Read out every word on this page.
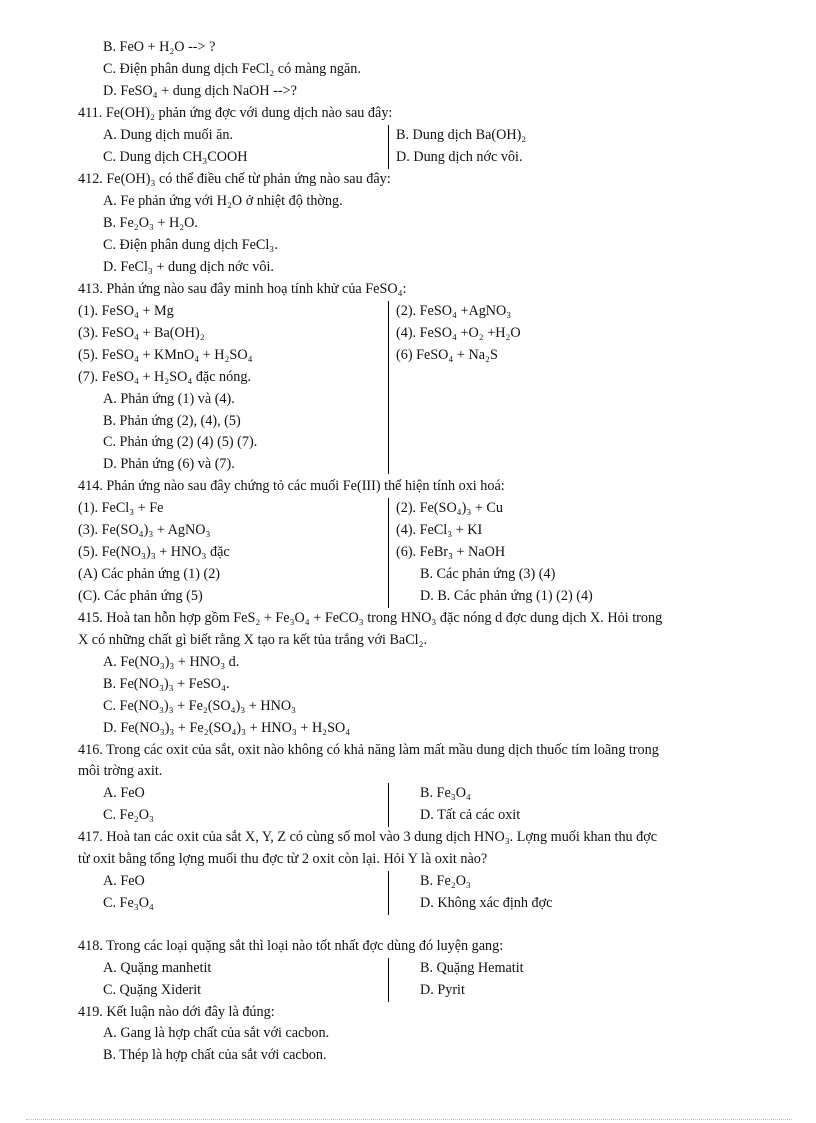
B. FeO + H₂O --> ?
C. Điện phân dung dịch FeCl₂ có màng ngăn.
D. FeSO₄ + dung dịch NaOH -->?
411. Fe(OH)₂ phản ứng đợc với dung dịch nào sau đây:
A. Dung dịch muối ăn.	B. Dung dịch Ba(OH)₂
C. Dung dịch CH₃COOH	D. Dung dịch nớc vôi.
412. Fe(OH)₃ có thể điều chế từ phản ứng nào sau đây:
A. Fe phản ứng với H₂O ở nhiệt độ thờng.
B. Fe₂O₃ + H₂O.
C. Điện phân dung dịch FeCl₃.
D. FeCl₃ + dung dịch nớc vôi.
413. Phản ứng nào sau đây minh hoạ tính khử của FeSO₄:
(1). FeSO₄ + Mg	(2). FeSO₄ +AgNO₃
(3). FeSO₄ + Ba(OH)₂	(4). FeSO₄ +O₂ +H₂O
(5). FeSO₄ + KMnO₄ + H₂SO₄	(6) FeSO₄ + Na₂S
(7). FeSO₄ + H₂SO₄ đặc nóng.
A. Phản ứng (1) và (4).
B. Phản ứng (2), (4), (5)
C. Phản ứng (2) (4) (5) (7).
D. Phản ứng (6) và (7).
414. Phản ứng nào sau đây chứng tỏ các muối Fe(III) thể hiện tính oxi hoá:
(1). FeCl₃ + Fe	(2). Fe(SO₄)₃ + Cu
(3). Fe(SO₄)₃ + AgNO₃	(4). FeCl₃ + KI
(5). Fe(NO₃)₃ + HNO₃ đặc	(6). FeBr₃ + NaOH
(A) Các phản ứng (1) (2)	B. Các phản ứng (3) (4)
(C). Các phản ứng (5)	D. B. Các phản ứng (1) (2) (4)
415. Hoà tan hỗn hợp gồm FeS₂ + Fe₃O₄ + FeCO₃ trong HNO₃ đặc nóng d đợc dung dịch X. Hỏi trong
X có những chất gì biết rằng X tạo ra kết tủa trắng với BaCl₂.
A. Fe(NO₃)₃ + HNO₃ d.
B. Fe(NO₃)₃ + FeSO₄.
C. Fe(NO₃)₃ + Fe₂(SO₄)₃ + HNO₃
D. Fe(NO₃)₃ + Fe₂(SO₄)₃ + HNO₃ + H₂SO₄
416. Trong các oxit của sắt, oxit nào không có khả năng làm mất mầu dung dịch thuốc tím loãng trong
môi trờng axit.
A. FeO	B. Fe₃O₄
C. Fe₂O₃	D. Tất cả các oxit
417. Hoà tan các oxit của sắt X, Y, Z có cùng số mol vào 3 dung dịch HNO₃. Lợng muối khan thu đợc
từ oxit bằng tổng lợng muối thu đợc từ 2 oxit còn lại. Hỏi Y là oxit nào?
A. FeO	B. Fe₂O₃
C. Fe₃O₄	D. Không xác định đợc
418. Trong các loại quặng sắt thì loại nào tốt nhất đợc dùng đó luyện gang:
A. Quặng manhetit	B. Quặng Hematit
C. Quặng Xiderit	D. Pyrit
419. Kết luận nào dới đây là đúng:
A. Gang là hợp chất của sắt với cacbon.
B. Thép là hợp chất của sắt với cacbon.
